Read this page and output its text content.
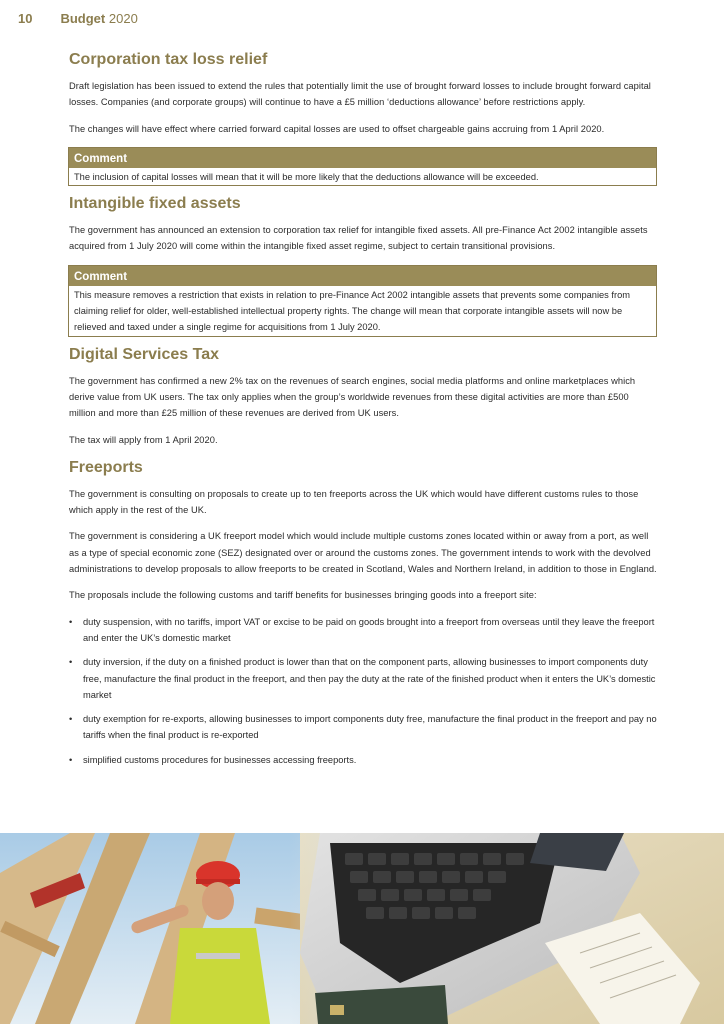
10 Budget 2020
Corporation tax loss relief

Draft legislation has been issued to extend the rules that potentially limit the use of brought forward losses to include brought forward capital losses. Companies (and corporate groups) will continue to have a £5 million ‘deductions allowance’ before restrictions apply.

The changes will have effect where carried forward capital losses are used to offset chargeable gains accruing from 1 April 2020.

Comment
The inclusion of capital losses will mean that it will be more likely that the deductions allowance will be exceeded.
Intangible fixed assets

The government has announced an extension to corporation tax relief for intangible fixed assets. All pre-Finance Act 2002 intangible assets acquired from 1 July 2020 will come within the intangible fixed asset regime, subject to certain transitional provisions.

Comment
This measure removes a restriction that exists in relation to pre-Finance Act 2002 intangible assets that prevents some companies from claiming relief for older, well-established intellectual property rights. The change will mean that corporate intangible assets will now be relieved and taxed under a single regime for acquisitions from 1 July 2020.
Digital Services Tax

The government has confirmed a new 2% tax on the revenues of search engines, social media platforms and online marketplaces which derive value from UK users. The tax only applies when the group’s worldwide revenues from these digital activities are more than £500 million and more than £25 million of these revenues are derived from UK users.

The tax will apply from 1 April 2020.

Freeports

The government is consulting on proposals to create up to ten freeports across the UK which would have different customs rules to those which apply in the rest of the UK.

The government is considering a UK freeport model which would include multiple customs zones located within or away from a port, as well as a type of special economic zone (SEZ) designated over or around the customs zones. The government intends to work with the devolved administrations to develop proposals to allow freeports to be created in Scotland, Wales and Northern Ireland, in addition to those in England.

The proposals include the following customs and tariff benefits for businesses bringing goods into a freeport site:

• duty suspension, with no tariffs, import VAT or excise to be paid on goods brought into a freeport from overseas until they leave the freeport and enter the UK’s domestic market
• duty inversion, if the duty on a finished product is lower than that on the component parts, allowing businesses to import components duty free, manufacture the final product in the freeport, and then pay the duty at the rate of the finished product when it enters the UK’s domestic market
• duty exemption for re-exports, allowing businesses to import components duty free, manufacture the final product in the freeport and pay no tariffs when the final product is re-exported
• simplified customs procedures for businesses accessing freeports.
